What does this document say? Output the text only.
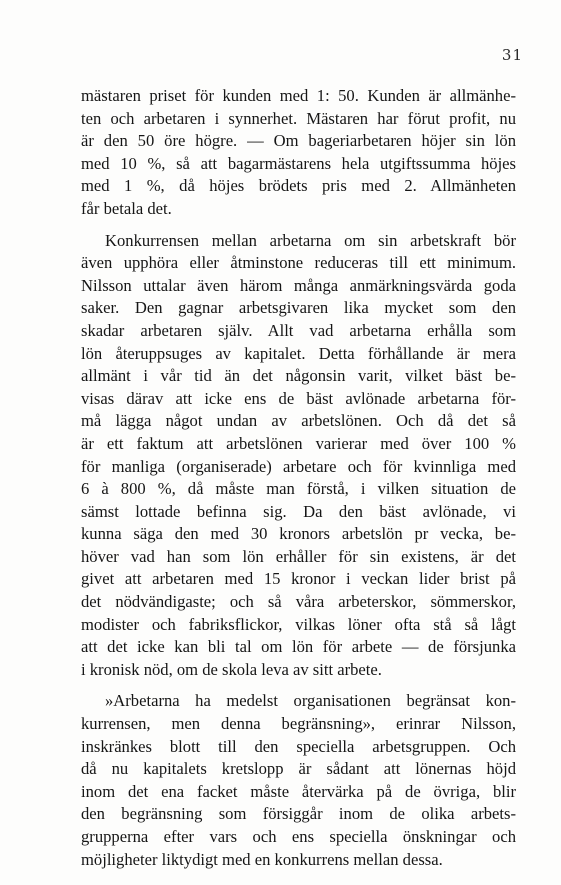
31
mästaren priset för kunden med 1: 50. Kunden är allmänhe-
ten och arbetaren i synnerhet. Mästaren har förut profit, nu
är den 50 öre högre. — Om bageriarbetaren höjer sin lön
med 10 %, så att bagarmästarens hela utgiftssumma höjes
med 1 %, då höjes brödets pris med 2. Allmänheten
får betala det.
Konkurrensen mellan arbetarna om sin arbetskraft bör
även upphöra eller åtminstone reduceras till ett minimum.
Nilsson uttalar även härom många anmärkningsvärda goda
saker. Den gagnar arbetsgivaren lika mycket som den
skadar arbetaren själv. Allt vad arbetarna erhålla som
lön återuppsuges av kapitalet. Detta förhållande är mera
allmänt i vår tid än det någonsin varit, vilket bäst be-
visas därav att icke ens de bäst avlönade arbetarna för-
må lägga något undan av arbetslönen. Och då det så
är ett faktum att arbetslönen varierar med över 100 %
för manliga (organiserade) arbetare och för kvinnliga med
6 à 800 %, då måste man förstå, i vilken situation de
sämst lottade befinna sig. Da den bäst avlönade, vi
kunna säga den med 30 kronors arbetslön pr vecka, be-
höver vad han som lön erhåller för sin existens, är det
givet att arbetaren med 15 kronor i veckan lider brist på
det nödvändigaste; och så våra arbeterskor, sömmerskor,
modister och fabriksflickor, vilkas löner ofta stå så lågt
att det icke kan bli tal om lön för arbete — de försjunka
i kronisk nöd, om de skola leva av sitt arbete.
»Arbetarna ha medelst organisationen begränsat kon-
kurrensen, men denna begränsning», erinrar Nilsson,
inskränkes blott till den speciella arbetsgruppen. Och
då nu kapitalets kretslopp är sådant att lönernas höjd
inom det ena facket måste återvärka på de övriga, blir
den begränsning som försiggår inom de olika arbets-
grupperna efter vars och ens speciella önskningar och
möjligheter liktydigt med en konkurrens mellan dessa.
